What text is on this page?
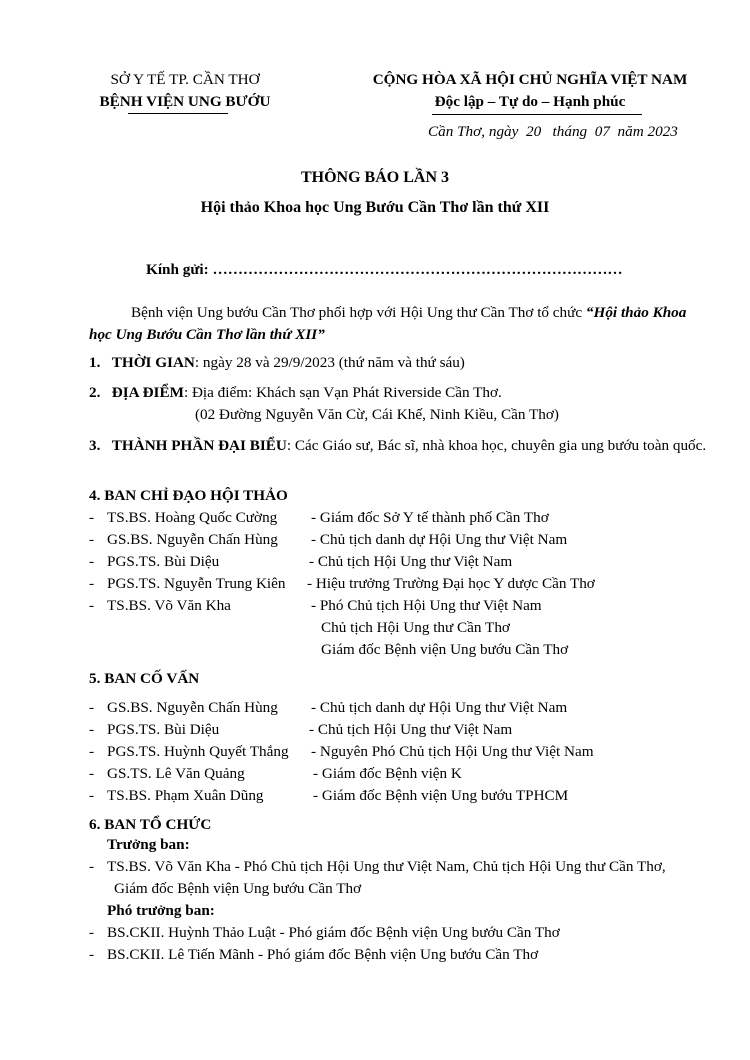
SỞ Y TẾ TP. CẦN THƠ
BỆNH VIỆN UNG BƯỚU
CỘNG HÒA XÃ HỘI CHỦ NGHĨA VIỆT NAM
Độc lập – Tự do – Hạnh phúc
Cần Thơ, ngày  20   tháng  07  năm 2023
THÔNG BÁO LẦN 3
Hội thảo Khoa học Ung Bướu Cần Thơ lần thứ XII
Kính gửi: ………………………………………………………………………
Bệnh viện Ung bướu Cần Thơ phối hợp với Hội Ung thư Cần Thơ tổ chức “Hội thảo Khoa học Ung Bướu Cần Thơ lần thứ XII”
1. THỜI GIAN: ngày 28 và 29/9/2023 (thứ năm và thứ sáu)
2. ĐỊA ĐIỂM: Địa điểm: Khách sạn Vạn Phát Riverside Cần Thơ.
(02 Đường Nguyễn Văn Cừ, Cái Khế, Ninh Kiều, Cần Thơ)
3. THÀNH PHẦN ĐẠI BIỂU: Các Giáo sư, Bác sĩ, nhà khoa học, chuyên gia ung bướu toàn quốc.
4. BAN CHỈ ĐẠO HỘI THẢO
- TS.BS. Hoàng Quốc Cường - Giám đốc Sở Y tế thành phố Cần Thơ
- GS.BS. Nguyễn Chấn Hùng - Chủ tịch danh dự Hội Ung thư Việt Nam
- PGS.TS. Bùi Diệu	- Chủ tịch Hội Ung thư Việt Nam
- PGS.TS. Nguyễn Trung Kiên - Hiệu trưởng Trường Đại học Y dược Cần Thơ
- TS.BS. Võ Văn Kha	- Phó Chủ tịch Hội Ung thư Việt Nam
Chủ tịch Hội Ung thư Cần Thơ
Giám đốc Bệnh viện Ung bướu Cần Thơ
5. BAN CỐ VẤN
- GS.BS. Nguyễn Chấn Hùng - Chủ tịch danh dự Hội Ung thư Việt Nam
- PGS.TS. Bùi Diệu	- Chủ tịch Hội Ung thư Việt Nam
- PGS.TS. Huỳnh Quyết Thắng - Nguyên Phó Chủ tịch Hội Ung thư Việt Nam
- GS.TS. Lê Văn Quảng	- Giám đốc Bệnh viện K
- TS.BS. Phạm Xuân Dũng	- Giám đốc Bệnh viện Ung bướu TPHCM
6. BAN TỔ CHỨC
Trưởng ban:
- TS.BS. Võ Văn Kha - Phó Chủ tịch Hội Ung thư Việt Nam, Chủ tịch Hội Ung thư Cần Thơ, Giám đốc Bệnh viện Ung bướu Cần Thơ
Phó trưởng ban:
- BS.CKII. Huỳnh Thảo Luật - Phó giám đốc Bệnh viện Ung bướu Cần Thơ
- BS.CKII. Lê Tiến Mãnh - Phó giám đốc Bệnh viện Ung bướu Cần Thơ
